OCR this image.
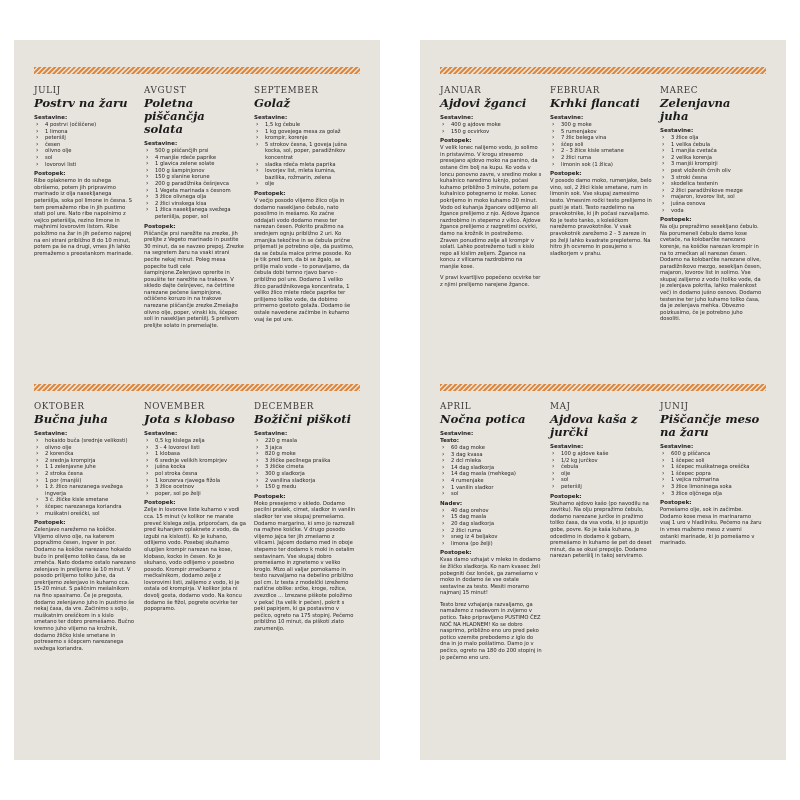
JULIJ

Postrv na žaru

Sestavine:

› 4 postrvi (očiščene)
› 1 limona
› peteršilj
› česen
› olivno olje
› sol
› lovorovi listi

Postopek:

Ribe oplaknemo in do suhega obrišemo, potem jih pripravimo marinado iz olja nasekljanega peteršilja, soka pol limone in česna. S tem premažemo ribe in jih pustimo stati pol ure. Nato ribe napolnimo z vejico peteršilja, rezino limone in majhnimi lovorovim listom. Ribe položimo na žar in jih pečemo najprej na eni strani približno 8 do 10 minut, potem pa še na drugi, vmes jih lahko premažemo s preostankom marinade.

AVGUST

Poletna piščančja solata

Sestavine:

› 500 g piščančjih prsi
› 4 manjše rdeče paprike
› 1 glavica zelene solate
› 100 g šampinjonov
› 150 g slanine korune
› 200 g paradižnika češnjevca
› 1 Vegeta marinada s česnom
› 3 žlice olivnega olja
› 2 žlici vinskega kisa
› 1 žlica nasekljanega svežega peteršilja, poper, sol

Postopek:

Piščančje prsi narežite na zrezke, jih prelijte z Vegeto marinado in pustite 30 minut, da se navzeo prepoj. Zrezke na segretem žaru na vsaki strani pecite nekaj minut. Poleg mesa popecite tudi cele šampinjone.Zelenjavo oprerite in posušite ter narežite na trakove. V skledo dajte češnjevec, na četrtine narezane pečene šampinjone, očiščeno koruzo in na trakove narezane piščančje zrezke.Zmešajte olivno olje, poper, vinski kis, ščepec soli in nasekljan peteršilj. S prelivom prelijte solato in premešajte.

SEPTEMBER

Golaž

Sestavine:

› 1,5 kg čebule
› 1 kg govejega mesa za golaž
› krompir, korenje
› 5 strokov česna, 1 goveja jušna kocka, sol, poper, paradižnikov koncentrat
› sladka rdeča mleta paprika
› lovorjev list, mleta kumina, bazilika, rožmarin, zelena
› olje

Postopek:

V večjo posodo vlijemo žlico olja in dodamo nasekljano čebulo, nato posolimo in mešamo. Ko začne oddajati vodo dodamo meso ter narezan česen. Pokrito pražimo na srednjem ognju približno 2 uri. Ko zmanjka tekočine in se čebula prične prijemati je potrebno olje, da pustimo, da se čebula malce prime posode. Ko je tik pred tem, da bi se žgalo, se prilije malo vode - to ponavljamo, da čebula dobi temno rjavo barvo - približno pol ure. Dodamo 1 veliko žlico paradižnikovega koncentrata, 1 veliko žlico mlete rdeče paprike ter prilijemo toliko vode, da dobimo primerno gostoto golaža. Dodamo še ostale navedene začimbe in kuhamo vsaj še pol ure.

OKTOBER

Bučna juha

Sestavine:

› hokaido buča (srednje velikosti)
› olivno olje
› 2 korenčka
› 2 srednja krompirja
› 1 1 zelenjavne juhe
› 2 stroka česna
› 1 por (manjši)
› 1 ž. žlico narezanega svežega ingverja
› 3 č. žličke kisle smetane
› ščepec narezanega koriandra
› muškatni oreščki, sol

Postopek:

Zelenjavo narežemo na koščke. Vlijemo olivno olje, na katerem popražimo česen, ingver in por. Dodamo na koščke narezano hokaido bučo in prelijemo toliko časa, da se zmehča. Nato dodamo ostalo narezano zelenjavo in prelijemo še 10 minut. V posodo prilijemo toliko juhe, da prekrijemo zelenjavo in kuhamo cca. 15-20 minut. S paličnim mešalnikom na fino spasiramo. Če je pregosta, dodamo zelenjavno juho in pustimo še nekaj časa, da vre. Začinimo s soljo, muškatnim oreščkom in s kislo smetano ter dobro premešamo. Bučno kremno juho vlijemo na krožnik, dodamo žličko kisle smetane in potresemo s ščepcem narezanega svežega koriandra.

NOVEMBER

Jota s klobaso

Sestavine:

› 0,5 kg kislega zelja
› 3 - 4 lovorovi listi
› 1 klobasa
› 6 srednje velikih krompirjev
› jušna kocka
› pol stroka česna
› 1 konzerva rjavega fižola
› 3 žlice ocetnov
› poper, sol po želji

Postopek:

Zelje in lovorove liste kuhamo v vodi cca. 15 minut (v kolikor ne marate preveč kislega zelja, priporočam, da ga pred kuhanjem oplaknete z vodo, da izgubi na kislosti). Ko je kuhano, odlijemo vodo. Posebej skuhamo olupljen krompir narezan na kose, klobaso, kocko in česen. Ko je skuhano, vodo odlijemo v posebno posodo. Krompir zmečkamo z mečkalnikom, dodamo zelje z lovorovimi listi, zalijemo z vodo, ki je ostala od krompirja. V kolikor jota ni dovolj gosta, dodamo vodo. Na koncu dodamo še fižol, pogrete ocvirke ter popopramo.

DECEMBER

Božični piškoti

Sestavine:

› 220 g masla
› 3 jajca
› 820 g moke
› 3 žličke pecilnega praška
› 3 žličke cimeta
› 300 g sladkorja
› 2 vanilina sladkorja
› 150 g medu

Postopek:

Moko presejemo v skledo. Dodamo pecilni prašek, cimet, sladkor in vanilin sladkor ter vse skupaj premešamo. Dodamo margarino, ki smo jo razrezali na majhne koščke. V drugo posodo vlijemo jajca ter jih zmešamo z vilicami. Jajcem dodamo med in oboje stepemo ter dodamo k moki in ostalim sestavinam. Vse skupaj dobro premešamo in zgnetemo v veliko kroglo. Mizo ali valjar pomokamo in testo razvaljamo na debelino približno pol cm. Iz testa z modelčki izrežemo različne oblike: srčke, kroge, rožice, zvezdice ... Izrezane piškote položimo v pekač (ta velik ir pečen), pokrit s peki papirjem, ki ga postavimo v pečico, ogreto na 175 stopinj. Pečemo približno 10 minut, da piškoti zlato zarumenijo.

JANUAR

Ajdovi žganci

Sestavine:

› 400 g ajdove moke
› 150 g ocvirkov

Postopek:

V velik lonec nalijemo vodo, jo solimo in pristavimo. V krogu stresemo presejano ajdovo moko na panino, da ostane čim bolj na kupu. Ko voda v loncu ponovno zavre, v sredino moke s kuhalnico naredimo luknjo, počasi kuhamo približno 3 minute, potem pa kuhalnico potegnemo iz moke. Lonec pokrijemo in moko kuhamo 20 minut. Vodo od kuhanja žgancev odlijemo ali žgance prelijemo z njo. Ajdove žgance razdrobimo in stepemo z vilico. Ajdove žgance prelijemo z razgretimi ocvirki, damo na krožnik in postrežemo. Zraven ponudimo zelje ali krompir v solati. Lahko postrežemo tudi s kislo repo ali kislim zeljem. Žgance na koncu z vilicama razdrobimo na manjše kose.

V pravi kvartljivo popečeno ocvirke ter z njimi prelijemo narejene žgance.

FEBRUAR

Krhki flancati

Sestavine:

› 300 g moke
› 5 rumenjakov
› 7 žlic belega vina
› ščep soli
› 2 - 3 žlice kisle smetane
› 2 žlici ruma
› limonin sok (1 žlica)

Postopek:

V posodo damo moko, rumenjake, belo vino, sol, 2 žlici kisle smetane, rum in limonin sok. Vse skupaj zamesimo testo. Vmesnim ročki testo prelijemo in pusti je stati. Testo razdelimo na pravokotnike, ki jih počasi razvaljamo. Ko je testo tanko, s koleščkom narežemo pravokotnike. V vsak pravokotnik zarežemo 2 - 3 zareze in po želji lahko kvadrate prepletemo. Na hitro jih ocvremo in posujemo s sladkorjem v prahu.

MAREC

Zelenjavna juha

Sestavine:

› 3 žlice olja
› 1 velika čebula
› 1 manjša cvetača
› 2 velika korenja
› 3 manjši krompirji
› pest vloženih črnih oliv
› 3 stroki česna
› skodelica testenin
› 2 žlici paradižnikove mezge
› majaron, lovorov list, sol
› jušna osnova
› voda

Postopek:

Na olju prepražimo sesekljano čebulo. Na porumeneli čebulo damo kose cvetače, na kolobarčke narezano korenje, na koščke narezan krompir in na to zmečkan ali narezan česen. Dodamo na kolobarčke narezane olive, paradižnikovo mezgo, sesekljan česen, majaron, lovorov list in solimo. Vse skupaj zalijemo z vodo (toliko vode, da je zelenjava pokrita, lahko malenkost več) in dodamo jušno osnovo. Dodamo testenine ter juho kuhamo toliko časa, da je zelenjava mehka. Obvezno poizkusimo, če je potrebno juho dosoliti.

APRIL

Nočna potica

Sestavine:

Testo:

› 60 dag moke
› 3 dag kvasa
› 2 dcl mleka
› 14 dag sladkorja
› 14 dag masla (mehkega)
› 4 rumenjake
› 1 vanilin sladkor
› sol

Nadev:

› 40 dag orehov
› 15 dag masla
› 20 dag sladkorja
› 2 žlici ruma
› sneg iz 4 beljakov
› limona (po želji)

Postopek:

Kvas damo vzhajat v mleko in dodamo še žličko sladkorja. Ko nam kvasec želi pobegniti čez lonček, ga zamešamo v moko in dodamo še vse ostale sestavine za testo. Mesiti moramo najmanj 15 minut!

Testo brez vzhajanja razvaljamo, ga namažemo z nadevom in zvijemo v potico. Tako pripravljeno PUSTIMO ČEZ NOČ NA HLADNEM! Ko se dobro nasprimo, približno eno uro pred peko potico vzemite prebodemo z iglo do dna in jo malo pošlatimo. Damo jo v pečico, ogreto na 180 do 200 stopinj in jo pečemo eno uro.

MAJ

Ajdova kaša z jurčki

Sestavine:

› 100 g ajdove kaše
› 1/2 kg jurčkov
› čebula
› olje
› sol
› peteršilj

Postopek:

Skuhamo ajdovo kašo (po navodilu na zavitku). Na olju prepražimo čebulo, dodamo narezane jurčke in pražimo toliko časa, da vsa voda, ki jo spustijo gobe, povre. Ko je kaša kuhana, jo odcedimo in dodamo k gobam, premešamo in kuhamo še pet do deset minut, da se okusi prepojijo. Dodamo narezan peteršilj in takoj serviramo.

JUNIJ

Piščančje meso na žaru

Sestavine:

› 600 g piščanca
› 1 ščepec soli
› 1 ščepec muškatnega oreščka
› 1 ščepec popra
› 1 vejica rožmarina
› 3 žlice limoninega soka
› 3 žlice oljčnega olja

Postopek:

Pomešamo olje, sok in začimbe. Dodamo kose mesa in marinaramo vsaj 1 uro v hladilniku. Pečemo na žaru in vmes mažemo meso z vsemi ostanki marinade, ki jo pomešamo v marinado.
